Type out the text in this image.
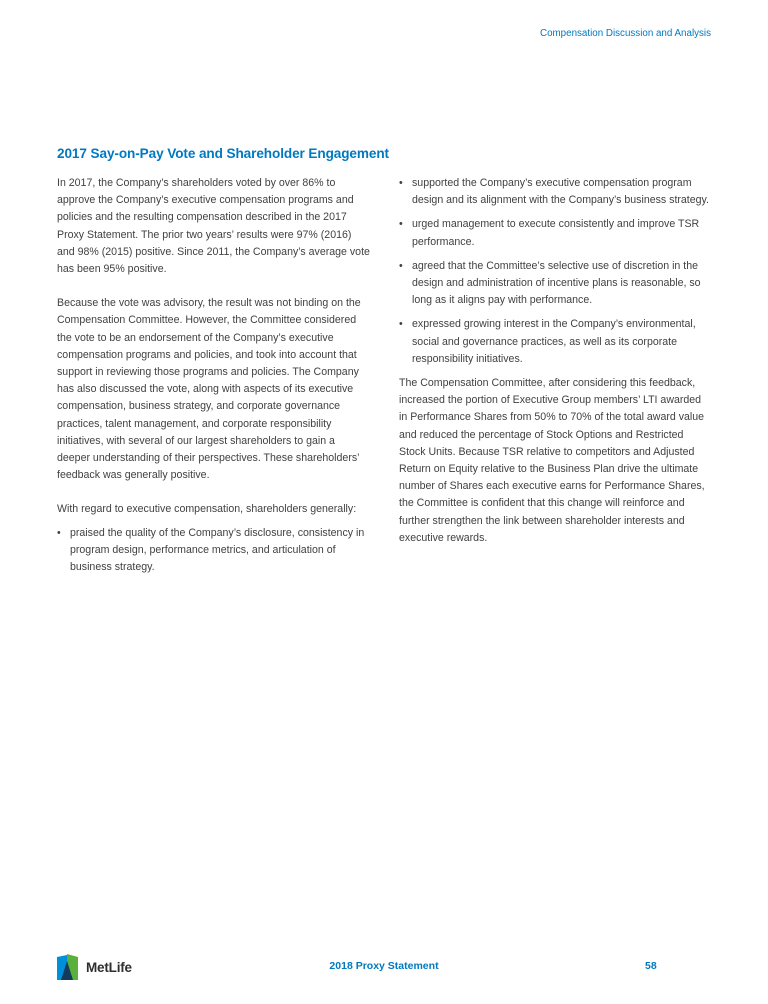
Compensation Discussion and Analysis
2017 Say-on-Pay Vote and Shareholder Engagement

In 2017, the Company’s shareholders voted by over 86% to approve the Company’s executive compensation programs and policies and the resulting compensation described in the 2017 Proxy Statement. The prior two years’ results were 97% (2016) and 98% (2015) positive. Since 2011, the Company’s average vote has been 95% positive.

Because the vote was advisory, the result was not binding on the Compensation Committee. However, the Committee considered the vote to be an endorsement of the Company’s executive compensation programs and policies, and took into account that support in reviewing those programs and policies. The Company has also discussed the vote, along with aspects of its executive compensation, business strategy, and corporate governance practices, talent management, and corporate responsibility initiatives, with several of our largest shareholders to gain a deeper understanding of their perspectives. These shareholders’ feedback was generally positive.

With regard to executive compensation, shareholders generally:

• praised the quality of the Company’s disclosure, consistency in program design, performance metrics, and articulation of business strategy.
• supported the Company’s executive compensation program design and its alignment with the Company’s business strategy.
• urged management to execute consistently and improve TSR performance.
• agreed that the Committee’s selective use of discretion in the design and administration of incentive plans is reasonable, so long as it aligns pay with performance.
• expressed growing interest in the Company’s environmental, social and governance practices, as well as its corporate responsibility initiatives.

The Compensation Committee, after considering this feedback, increased the portion of Executive Group members’ LTI awarded in Performance Shares from 50% to 70% of the total award value and reduced the percentage of Stock Options and Restricted Stock Units. Because TSR relative to competitors and Adjusted Return on Equity relative to the Business Plan drive the ultimate number of Shares each executive earns for Performance Shares, the Committee is confident that this change will reinforce and further strengthen the link between shareholder interests and executive rewards.

MetLife	2018 Proxy Statement	58
